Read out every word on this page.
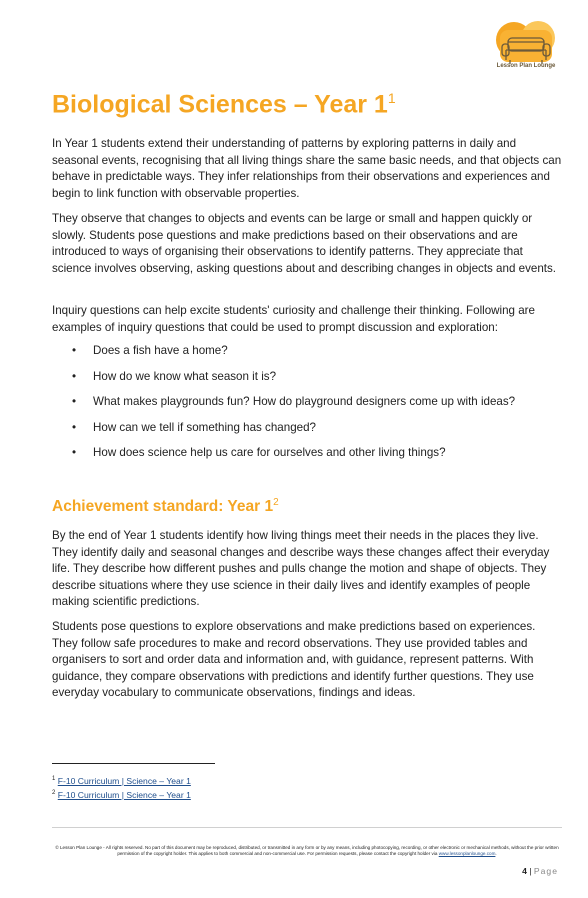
Lesson Plan Lounge
Biological Sciences – Year $1^1$

In Year 1 students extend their understanding of patterns by exploring patterns in daily and seasonal events, recognising that all living things share the same basic needs, and that objects can behave in predictable ways. They infer relationships from their observations and experiences and begin to link function with observable properties.

They observe that changes to objects and events can be large or small and happen quickly or slowly. Students pose questions and make predictions based on their observations and are introduced to ways of organising their observations to identify patterns. They appreciate that science involves observing, asking questions about and describing changes in objects and events.

Inquiry questions can help excite students' curiosity and challenge their thinking. Following are examples of inquiry questions that could be used to prompt discussion and exploration:

• Does a fish have a home?
• How do we know what season it is?
• What makes playgrounds fun? How do playground designers come up with ideas?
• How can we tell if something has changed?
• How does science help us care for ourselves and other living things?
Achievement standard: Year $1^2$

By the end of Year 1 students identify how living things meet their needs in the places they live. They identify daily and seasonal changes and describe ways these changes affect their everyday life. They describe how different pushes and pulls change the motion and shape of objects. They describe situations where they use science in their daily lives and identify examples of people making scientific predictions.

Students pose questions to explore observations and make predictions based on experiences. They follow safe procedures to make and record observations. They use provided tables and organisers to sort and order data and information and, with guidance, represent patterns. With guidance, they compare observations with predictions and identify further questions. They use everyday vocabulary to communicate observations, findings and ideas.

$^1$ F-10 Curriculum | Science – Year 1
$^2$ F-10 Curriculum | Science – Year 1
© Lesson Plan Lounge - All rights reserved. No part of this document may be reproduced, distributed, or transmitted in any form or by any means, including photocopying, recording, or other electronic or mechanical methods, without the prior written permission of the copyright holder. This applies to both commercial and non-commercial use. For permission requests, please contact the copyright holder via www.lessonplanlounge.com.
4 | Page
